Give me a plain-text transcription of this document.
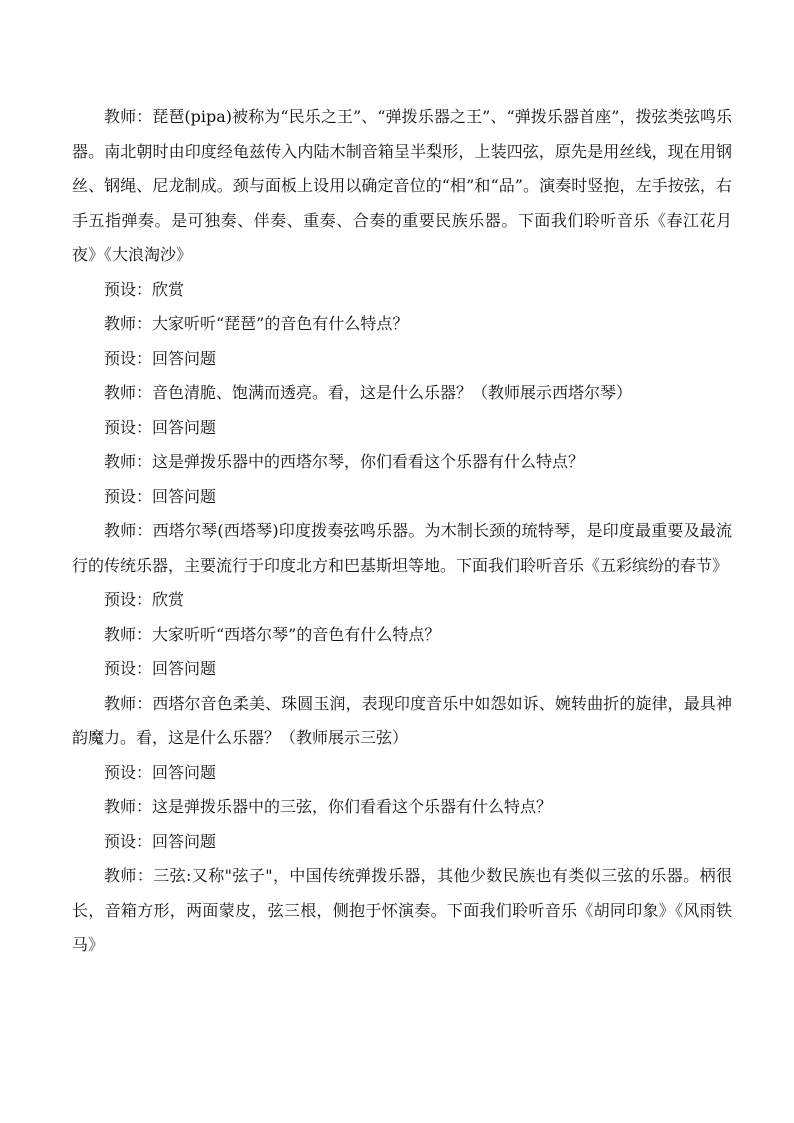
教师：琵琶(pipa)被称为“民乐之王”、“弹拨乐器之王”、“弹拨乐器首座”，拨弦类弦鸣乐器。南北朝时由印度经龟兹传入内陆木制音箱呈半梨形，上装四弦，原先是用丝线，现在用钢丝、钢绳、尼龙制成。颈与面板上设用以确定音位的“相”和“品”。演奏时竖抱，左手按弦，右手五指弹奏。是可独奏、伴奏、重奏、合奏的重要民族乐器。下面我们聆听音乐《春江花月夜》《大浪淘沙》

预设：欣赏

教师：大家听听“琵琶”的音色有什么特点？

预设：回答问题

教师：音色清脆、饱满而透亮。看，这是什么乐器？（教师展示西塔尔琴）

预设：回答问题

教师：这是弹拨乐器中的西塔尔琴，你们看看这个乐器有什么特点？

预设：回答问题

教师：西塔尔琴(西塔琴)印度拨奏弦鸣乐器。为木制长颈的琉特琴，是印度最重要及最流行的传统乐器，主要流行于印度北方和巴基斯坦等地。下面我们聆听音乐《五彩缤纷的春节》

预设：欣赏

教师：大家听听“西塔尔琴”的音色有什么特点？

预设：回答问题

教师：西塔尔音色柔美、珠圆玉润，表现印度音乐中如怨如诉、婉转曲折的旋律，最具神韵魔力。看，这是什么乐器？（教师展示三弦）

预设：回答问题

教师：这是弹拨乐器中的三弦，你们看看这个乐器有什么特点？

预设：回答问题

教师：三弦:又称"弦子"，中国传统弹拨乐器，其他少数民族也有类似三弦的乐器。柄很长，音箱方形，两面蒙皮，弦三根，侧抱于怀演奏。下面我们聆听音乐《胡同印象》《风雨铁马》
